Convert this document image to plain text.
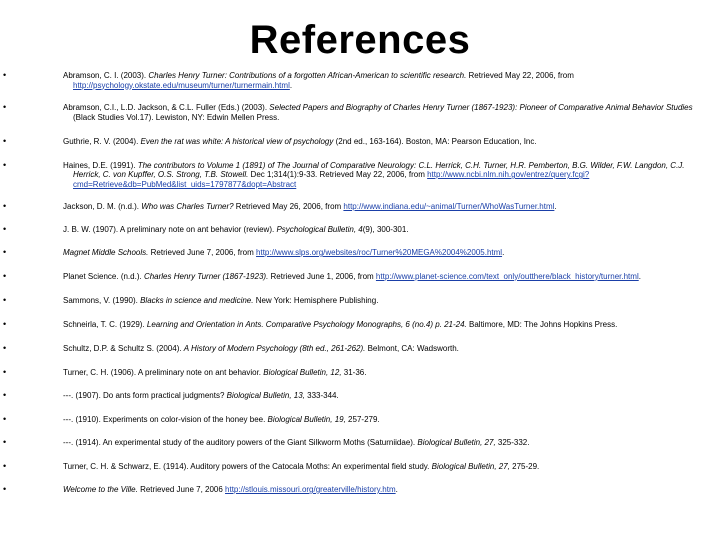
References
•	Abramson, C. I. (2003). Charles Henry Turner: Contributions of a forgotten African-American to scientific research. Retrieved May 22, 2006, from http://psychology.okstate.edu/museum/turner/turnermain.html.
•	Abramson, C.I., L.D. Jackson, & C.L. Fuller (Eds.) (2003). Selected Papers and Biography of Charles Henry Turner (1867-1923): Pioneer of Comparative Animal Behavior Studies (Black Studies Vol.17). Lewiston, NY: Edwin Mellen Press.
•	Guthrie, R. V. (2004). Even the rat was white: A historical view of psychology (2nd ed., 163-164). Boston, MA: Pearson Education, Inc.
•	Haines, D.E. (1991). The contributors to Volume 1 (1891) of The Journal of Comparative Neurology: C.L. Herrick, C.H. Turner, H.R. Pemberton, B.G. Wilder, F.W. Langdon, C.J. Herrick, C. von Kupffer, O.S. Strong, T.B. Stowell. Dec 1;314(1):9-33. Retrieved May 22, 2006, from http://www.ncbi.nlm.nih.gov/entrez/query.fcgi?cmd=Retrieve&db=PubMed&list_uids=1797877&dopt=Abstract
•	Jackson, D. M. (n.d.). Who was Charles Turner? Retrieved May 26, 2006, from http://www.indiana.edu/~animal/Turner/WhoWasTurner.html.
•	J. B. W. (1907). A preliminary note on ant behavior (review). Psychological Bulletin, 4(9), 300-301.
•	Magnet Middle Schools. Retrieved June 7, 2006, from http://www.slps.org/websites/roc/Turner%20MEGA%2004%2005.html.
•	Planet Science. (n.d.). Charles Henry Turner (1867-1923). Retrieved June 1, 2006, from http://www.planet-science.com/text_only/outthere/black_history/turner.html.
•	Sammons, V. (1990). Blacks in science and medicine. New York: Hemisphere Publishing.
•	Schneirla, T. C. (1929). Learning and Orientation in Ants. Comparative Psychology Monographs, 6 (no.4) p. 21-24. Baltimore, MD: The Johns Hopkins Press.
•	Schultz, D.P. & Schultz S. (2004). A History of Modern Psychology (8th ed., 261-262). Belmont, CA: Wadsworth.
•	Turner, C. H. (1906). A preliminary note on ant behavior. Biological Bulletin, 12, 31-36.
•	---. (1907). Do ants form practical judgments? Biological Bulletin, 13, 333-344.
•	---. (1910). Experiments on color-vision of the honey bee. Biological Bulletin, 19, 257-279.
•	---. (1914). An experimental study of the auditory powers of the Giant Silkworm Moths (Saturniidae). Biological Bulletin, 27, 325-332.
•	Turner, C. H. & Schwarz, E. (1914). Auditory powers of the Catocala Moths: An experimental field study. Biological Bulletin, 27, 275-29.
•	Welcome to the Ville. Retrieved June 7, 2006 http://stlouis.missouri.org/greaterville/history.htm.
